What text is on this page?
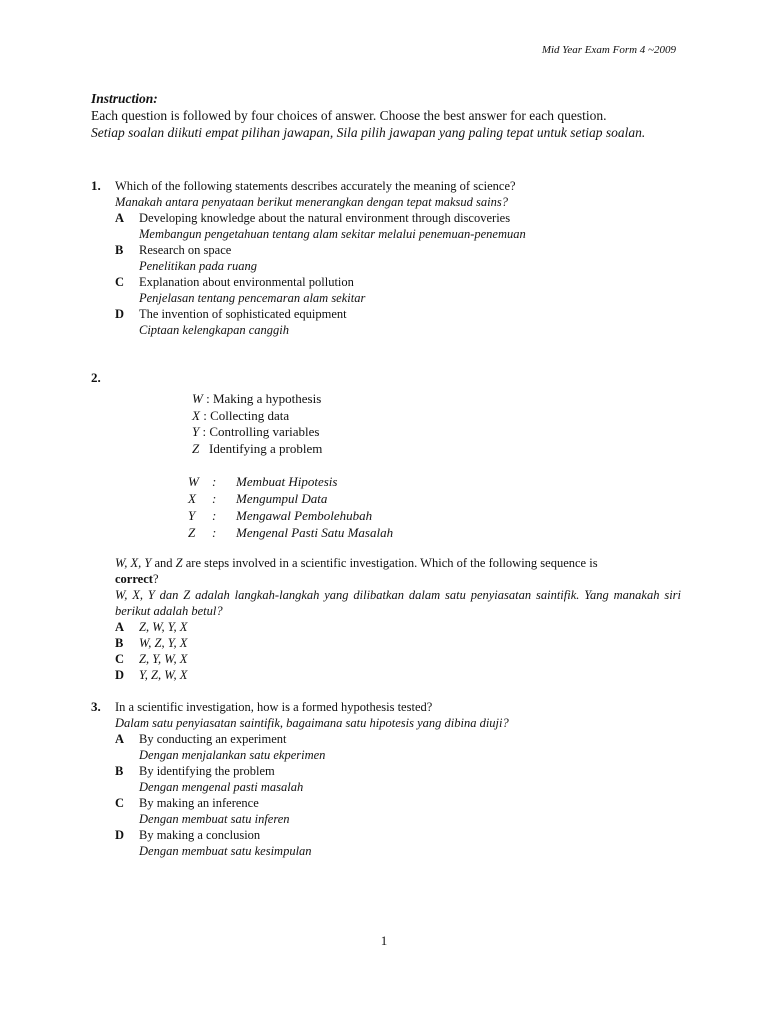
Mid Year Exam Form 4 ~2009
Instruction:
Each question is followed by four choices of answer. Choose the best answer for each question.
Setiap soalan diikuti empat pilihan jawapan, Sila pilih jawapan yang paling tepat untuk setiap soalan.
1. Which of the following statements describes accurately the meaning of science?
Manakah antara penyataan berikut menerangkan dengan tepat maksud sains?
A Developing knowledge about the natural environment through discoveries
Membangun pengetahuan tentang alam sekitar melalui penemuan-penemuan
B Research on space
Penelitikan pada ruang
C Explanation about environmental pollution
Penjelasan tentang pencemaran alam sekitar
D The invention of sophisticated equipment
Ciptaan kelengkapan canggih
2.
W : Making a hypothesis
X : Collecting data
Y : Controlling variables
Z Identifying a problem
W	:	Membuat Hipotesis
X	:	Mengumpul Data
Y	:	Mengawal Pembolehubah
Z	:	Mengenal Pasti Satu Masalah
W, X, Y and Z are steps involved in a scientific investigation. Which of the following sequence is
correct?
W, X, Y dan Z adalah langkah-langkah yang dilibatkan dalam satu penyiasatan saintifik. Yang manakah siri berikut adalah betul?
A Z, W, Y, X
B W, Z, Y, X
C Z, Y, W, X
D Y, Z, W, X
3. In a scientific investigation, how is a formed hypothesis tested?
Dalam satu penyiasatan saintifik, bagaimana satu hipotesis yang dibina diuji?
A By conducting an experiment
Dengan menjalankan satu ekperimen
B By identifying the problem
Dengan mengenal pasti masalah
C By making an inference
Dengan membuat satu inferen
D By making a conclusion
Dengan membuat satu kesimpulan
1
